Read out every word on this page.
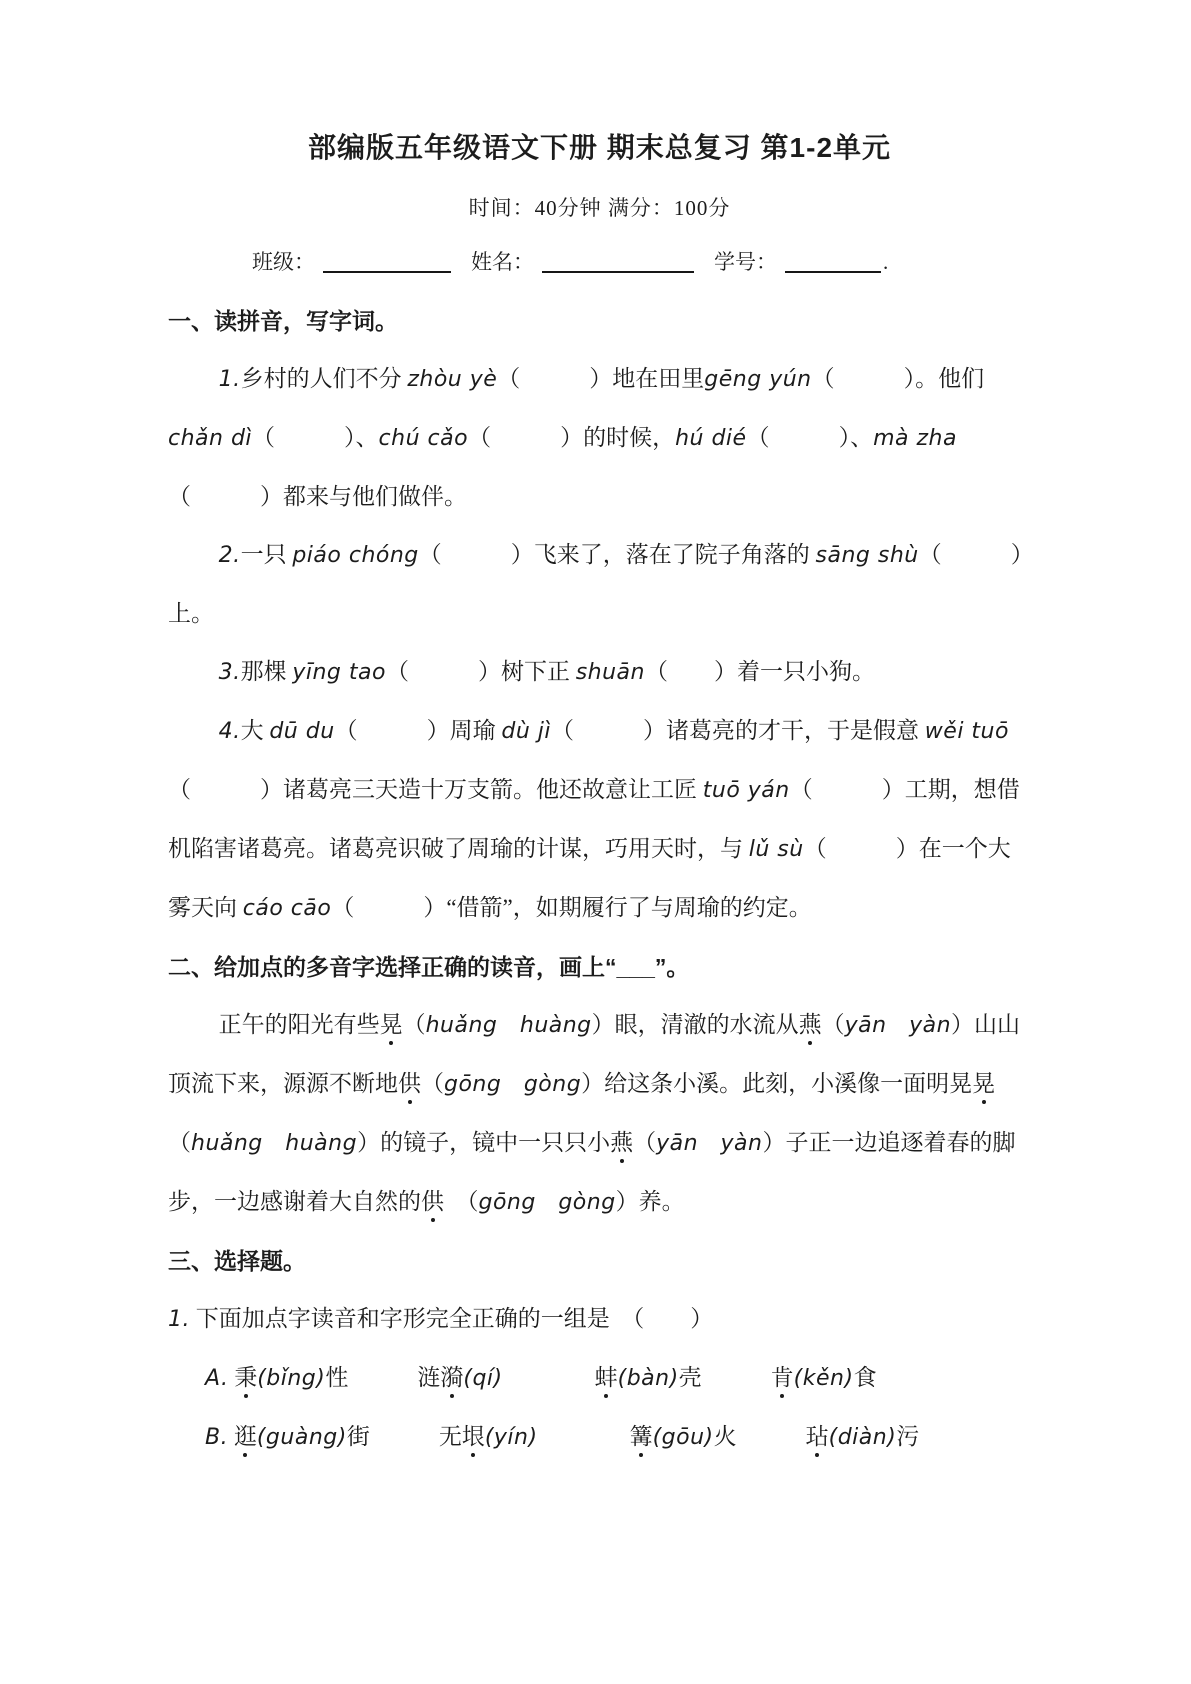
部编版五年级语文下册 期末总复习 第1-2单元
时间：40分钟 满分：100分
班级：	姓名：	学号：	.
一、读拼音，写字词。
1.乡村的人们不分 zhòu yè（　　　）地在田里gēng yún（　　　）。他们 chǎn dì（　　　）、chú cǎo（　　　）的时候，hú dié（　　　）、mà zha（　　　）都来与他们做伴。
2.一只 piáo chóng（　　　）飞来了，落在了院子角落的 sāng shù（　　　）上。
3.那棵 yīng tao（　　　）树下正 shuān（　　）着一只小狗。
4.大 dū du（　　　）周瑜 dù jì（　　　）诸葛亮的才干，于是假意 wěi tuō（　　　）诸葛亮三天造十万支箭。他还故意让工匠 tuō yán（　　　）工期，想借机陷害诸葛亮。诸葛亮识破了周瑜的计谋，巧用天时，与 lǔ sù（　　　）在一个大雾天向 cáo cāo（　　　）“借箭”，如期履行了与周瑜的约定。
二、给加点的多音字选择正确的读音，画上“___”。
正午的阳光有些晃（huǎng　huàng）眼，清澈的水流从燕（yān　yàn）山山顶流下来，源源不断地供（gōng　gòng）给这条小溪。此刻，小溪像一面明晃晃（huǎng　huàng）的镜子，镜中一只只小燕（yān　yàn）子正一边追逐着春的脚步，一边感谢着大自然的供　（gōng　gòng）养。
三、选择题。
1. 下面加点字读音和字形完全正确的一组是　（　　）
A. 秉(bǐng)性　　　涟漪(qí)　　　　	蚌(bàn)壳　　　肯(kěn)食
B. 逛(guàng)街　　　无垠(yín)　　　　	篝(gōu)火　　　玷(diàn)污
